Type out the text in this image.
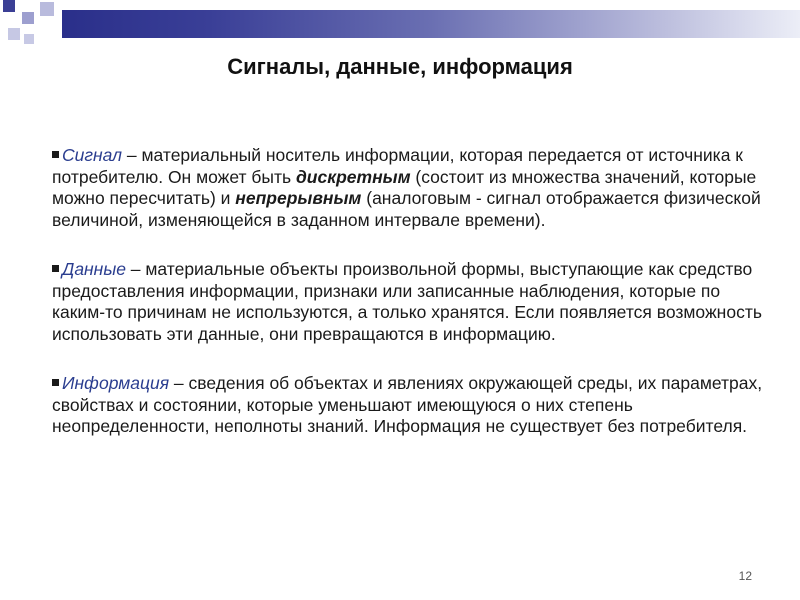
Сигналы, данные, информация

Сигнал – материальный носитель информации, которая передается от источника к потребителю. Он может быть дискретным (состоит из множества значений, которые можно пересчитать) и непрерывным (аналоговым - сигнал отображается физической величиной, изменяющейся в заданном интервале времени).

Данные – материальные объекты произвольной формы, выступающие как средство предоставления информации, признаки или записанные наблюдения, которые по каким-то причинам не используются, а только хранятся. Если появляется возможность использовать эти данные, они превращаются в информацию.

Информация – сведения об объектах и явлениях окружающей среды, их параметрах, свойствах и состоянии, которые уменьшают имеющуюся о них степень неопределенности, неполноты знаний. Информация не существует без потребителя.

12
